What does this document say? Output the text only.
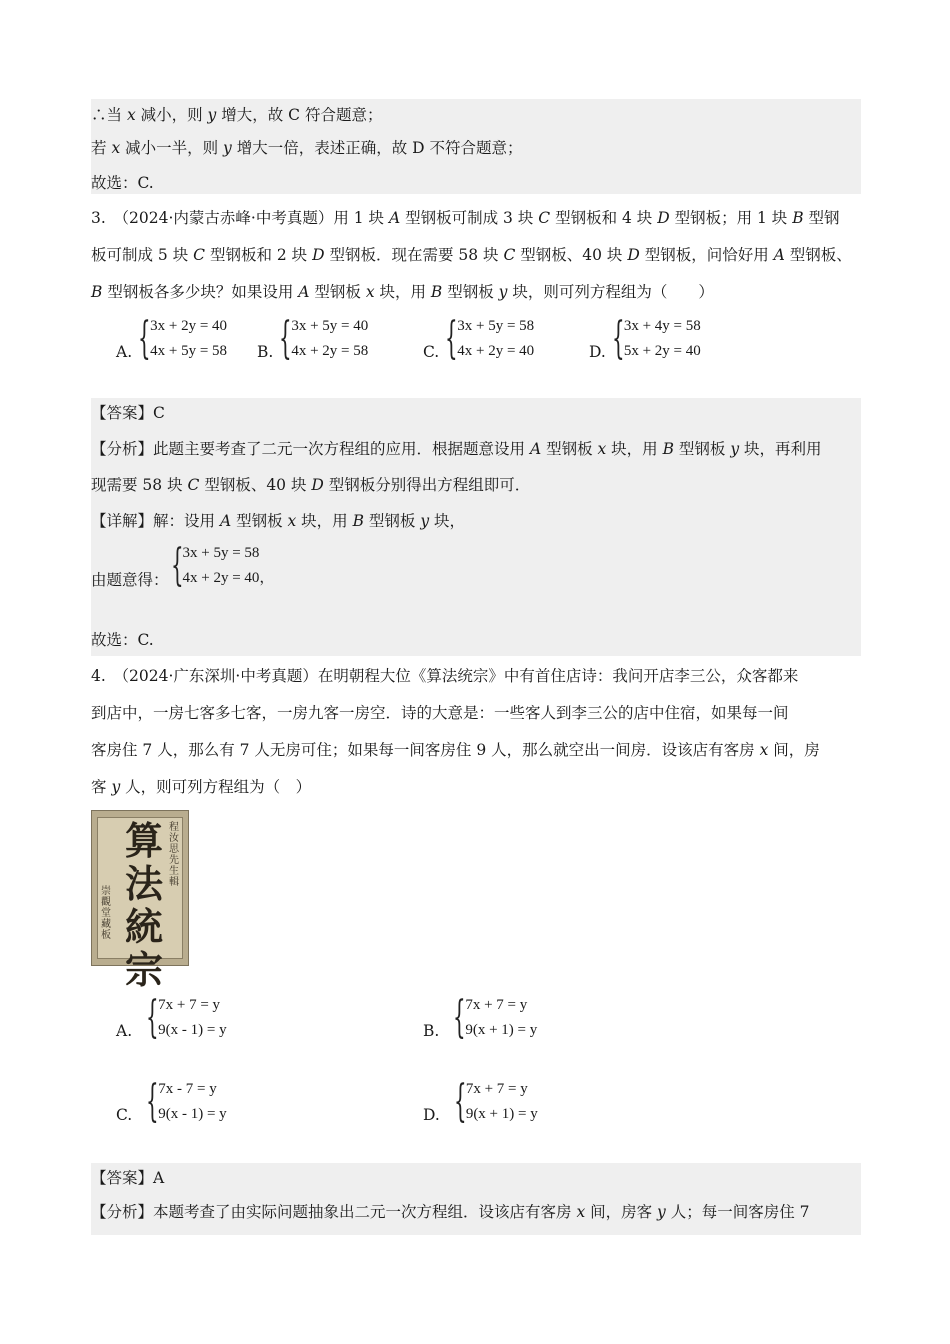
∴当 x 减小，则 y 增大，故 C 符合题意；
若 x 减小一半，则 y 增大一倍，表述正确，故 D 不符合题意；
故选：C.
3.　（2024·内蒙古赤峰·中考真题）用 1 块 A 型钢板可制成 3 块 C 型钢板和 4 块 D 型钢板；用 1 块 B 型钢
板可制成 5 块 C 型钢板和 2 块 D 型钢板．现在需要 58 块 C 型钢板、40 块 D 型钢板，问恰好用 A 型钢板、
B 型钢板各多少块？如果设用 A 型钢板 x 块，用 B 型钢板 y 块，则可列方程组为（　　）
【答案】C
【分析】此题主要考查了二元一次方程组的应用．根据题意设用 A 型钢板 x 块，用 B 型钢板 y 块，再利用
现需要 58 块 C 型钢板、40 块 D 型钢板分别得出方程组即可．
【详解】解：设用 A 型钢板 x 块，用 B 型钢板 y 块，
故选：C.
4.　（2024·广东深圳·中考真题）在明朝程大位《算法统宗》中有首住店诗：我问开店李三公，众客都来
到店中，一房七客多七客，一房九客一房空．诗的大意是：一些客人到李三公的店中住宿，如果每一间
客房住 7 人，那么有 7 人无房可住；如果每一间客房住 9 人，那么就空出一间房．设该店有客房 x 间，房
客 y 人，则可列方程组为（　）
【答案】A
【分析】本题考查了由实际问题抽象出二元一次方程组．设该店有客房 x 间，房客 y 人；每一间客房住 7
A. { 3x + 2y = 40
4x + 5y = 58 B. { 3x + 5y = 40
4x + 2y = 58	C. { 3x + 5y = 58
4x + 2y = 40	D. { 3x + 4y = 58
5x + 2y = 40
由题意得： { 3x + 5y = 58
4x + 2y = 40，
程
汝
思
先
生
輯
算
法
統
宗
崇
觀
堂
藏
板
A. { 7x + 7 = y
9(x - 1) = y	B. { 7x + 7 = y
9(x + 1) = y
C. { 7x - 7 = y
9(x - 1) = y	D. { 7x + 7 = y
9(x + 1) = y
